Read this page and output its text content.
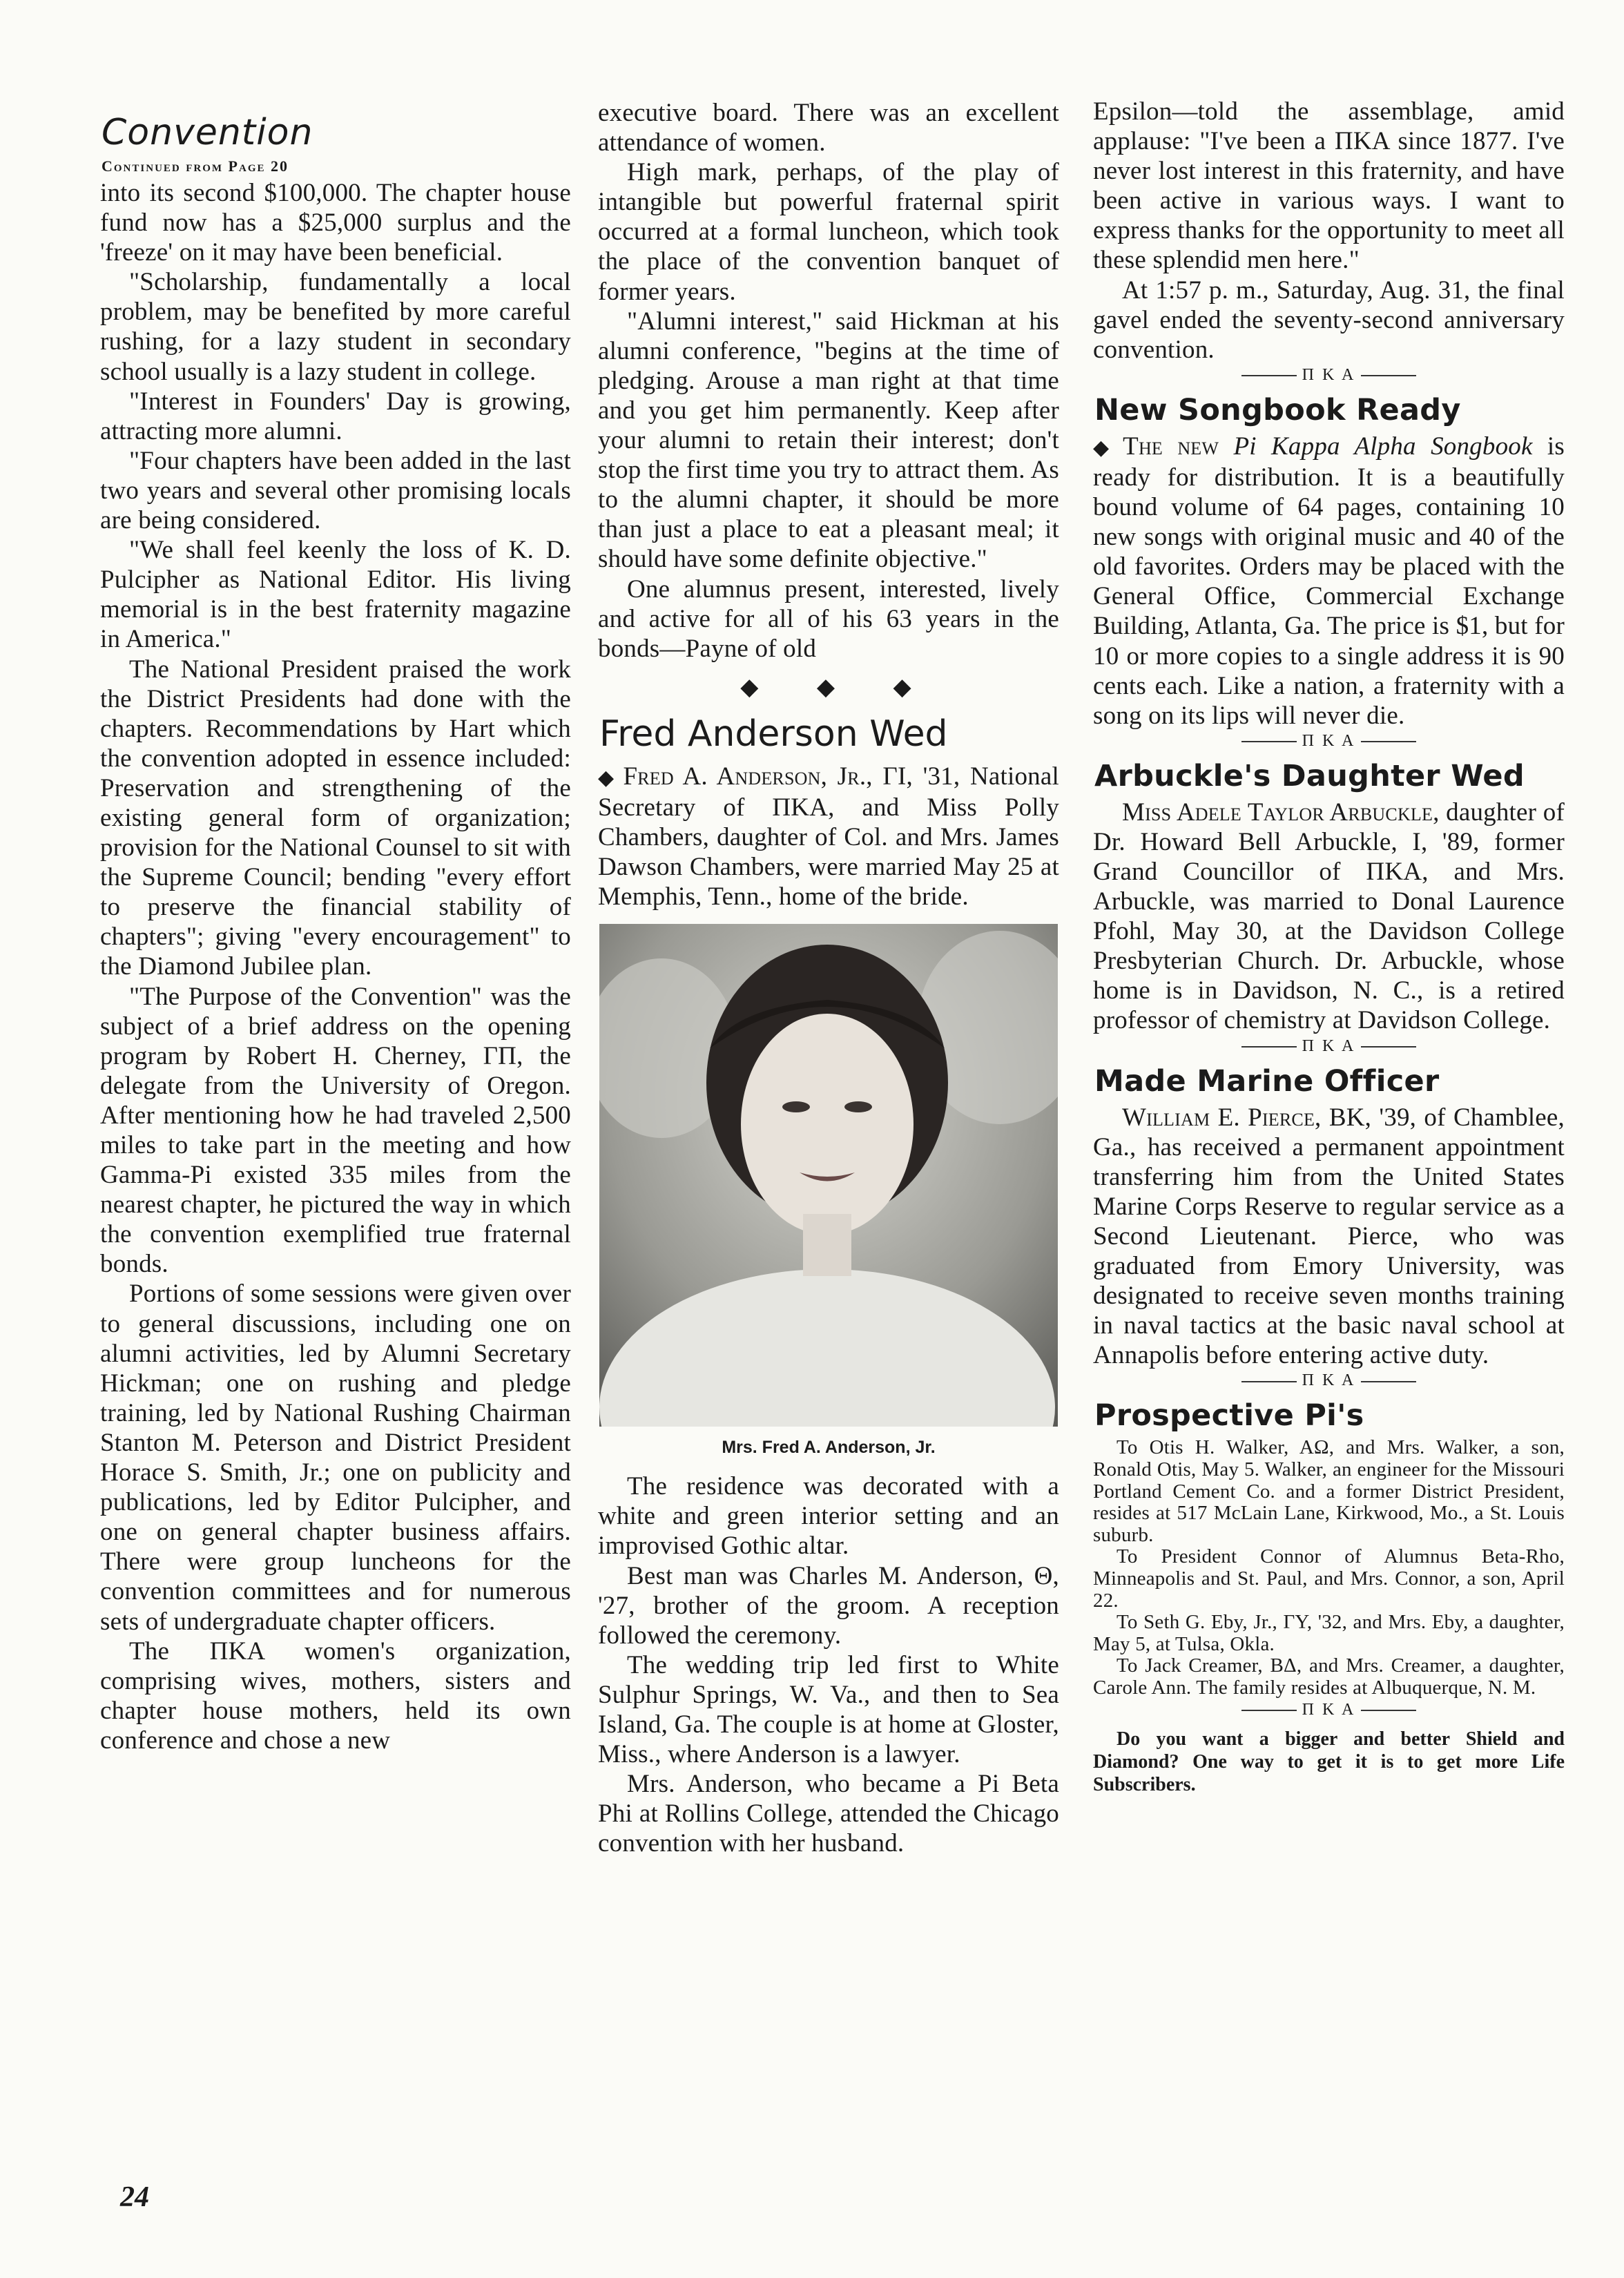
Convention
Continued from Page 20

into its second $100,000. The chapter house fund now has a $25,000 surplus and the 'freeze' on it may have been beneficial.

"Scholarship, fundamentally a local problem, may be benefited by more careful rushing, for a lazy student in secondary school usually is a lazy student in college.

"Interest in Founders' Day is growing, attracting more alumni.

"Four chapters have been added in the last two years and several other promising locals are being considered.

"We shall feel keenly the loss of K. D. Pulcipher as National Editor. His living memorial is in the best fraternity magazine in America."

The National President praised the work the District Presidents had done with the chapters. Recommendations by Hart which the convention adopted in essence included: Preservation and strengthening of the existing general form of organization; provision for the National Counsel to sit with the Supreme Council; bending "every effort to preserve the financial stability of chapters"; giving "every encouragement" to the Diamond Jubilee plan.

"The Purpose of the Convention" was the subject of a brief address on the opening program by Robert H. Cherney, ΓΠ, the delegate from the University of Oregon. After mentioning how he had traveled 2,500 miles to take part in the meeting and how Gamma-Pi existed 335 miles from the nearest chapter, he pictured the way in which the convention exemplified true fraternal bonds.

Portions of some sessions were given over to general discussions, including one on alumni activities, led by Alumni Secretary Hickman; one on rushing and pledge training, led by National Rushing Chairman Stanton M. Peterson and District President Horace S. Smith, Jr.; one on publicity and publications, led by Editor Pulcipher, and one on general chapter business affairs. There were group luncheons for the convention committees and for numerous sets of undergraduate chapter officers.

The ΠΚΑ women's organization, comprising wives, mothers, sisters and chapter house mothers, held its own conference and chose a new

executive board. There was an excellent attendance of women.

High mark, perhaps, of the play of intangible but powerful fraternal spirit occurred at a formal luncheon, which took the place of the convention banquet of former years.

"Alumni interest," said Hickman at his alumni conference, "begins at the time of pledging. Arouse a man right at that time and you get him permanently. Keep after your alumni to retain their interest; don't stop the first time you try to attract them. As to the alumni chapter, it should be more than just a place to eat a pleasant meal; it should have some definite objective."

One alumnus present, interested, lively and active for all of his 63 years in the bonds—Payne of old

◆ ◆ ◆
Fred Anderson Wed

◆ Fred A. Anderson, Jr., ΓΙ, '31, National Secretary of ΠΚΑ, and Miss Polly Chambers, daughter of Col. and Mrs. James Dawson Chambers, were married May 25 at Memphis, Tenn., home of the bride.

Mrs. Fred A. Anderson, Jr.

The residence was decorated with a white and green interior setting and an improvised Gothic altar.

Best man was Charles M. Anderson, Θ, '27, brother of the groom. A reception followed the ceremony.

The wedding trip led first to White Sulphur Springs, W. Va., and then to Sea Island, Ga. The couple is at home at Gloster, Miss., where Anderson is a lawyer.

Mrs. Anderson, who became a Pi Beta Phi at Rollins College, attended the Chicago convention with her husband.

Epsilon—told the assemblage, amid applause: "I've been a ΠΚΑ since 1877. I've never lost interest in this fraternity, and have been active in various ways. I want to express thanks for the opportunity to meet all these splendid men here."

At 1:57 p. m., Saturday, Aug. 31, the final gavel ended the seventy-second anniversary convention.

Π Κ Α
New Songbook Ready

◆ The new Pi Kappa Alpha Songbook is ready for distribution. It is a beautifully bound volume of 64 pages, containing 10 new songs with original music and 40 of the old favorites. Orders may be placed with the General Office, Commercial Exchange Building, Atlanta, Ga. The price is $1, but for 10 or more copies to a single address it is 90 cents each. Like a nation, a fraternity with a song on its lips will never die.

Π Κ Α
Arbuckle's Daughter Wed

Miss Adele Taylor Arbuckle, daughter of Dr. Howard Bell Arbuckle, I, '89, former Grand Councillor of ΠΚΑ, and Mrs. Arbuckle, was married to Donal Laurence Pfohl, May 30, at the Davidson College Presbyterian Church. Dr. Arbuckle, whose home is in Davidson, N. C., is a retired professor of chemistry at Davidson College.

Π Κ Α
Made Marine Officer

William E. Pierce, BK, '39, of Chamblee, Ga., has received a permanent appointment transferring him from the United States Marine Corps Reserve to regular service as a Second Lieutenant. Pierce, who was graduated from Emory University, was designated to receive seven months training in naval tactics at the basic naval school at Annapolis before entering active duty.

Π Κ Α
Prospective Pi's

To Otis H. Walker, AΩ, and Mrs. Walker, a son, Ronald Otis, May 5. Walker, an engineer for the Missouri Portland Cement Co. and a former District President, resides at 517 McLain Lane, Kirkwood, Mo., a St. Louis suburb.

To President Connor of Alumnus Beta-Rho, Minneapolis and St. Paul, and Mrs. Connor, a son, April 22.

To Seth G. Eby, Jr., ΓΥ, '32, and Mrs. Eby, a daughter, May 5, at Tulsa, Okla.

To Jack Creamer, BΔ, and Mrs. Creamer, a daughter, Carole Ann. The family resides at Albuquerque, N. M.

Π Κ Α
Do you want a bigger and better Shield and Diamond? One way to get it is to get more Life Subscribers.
24
